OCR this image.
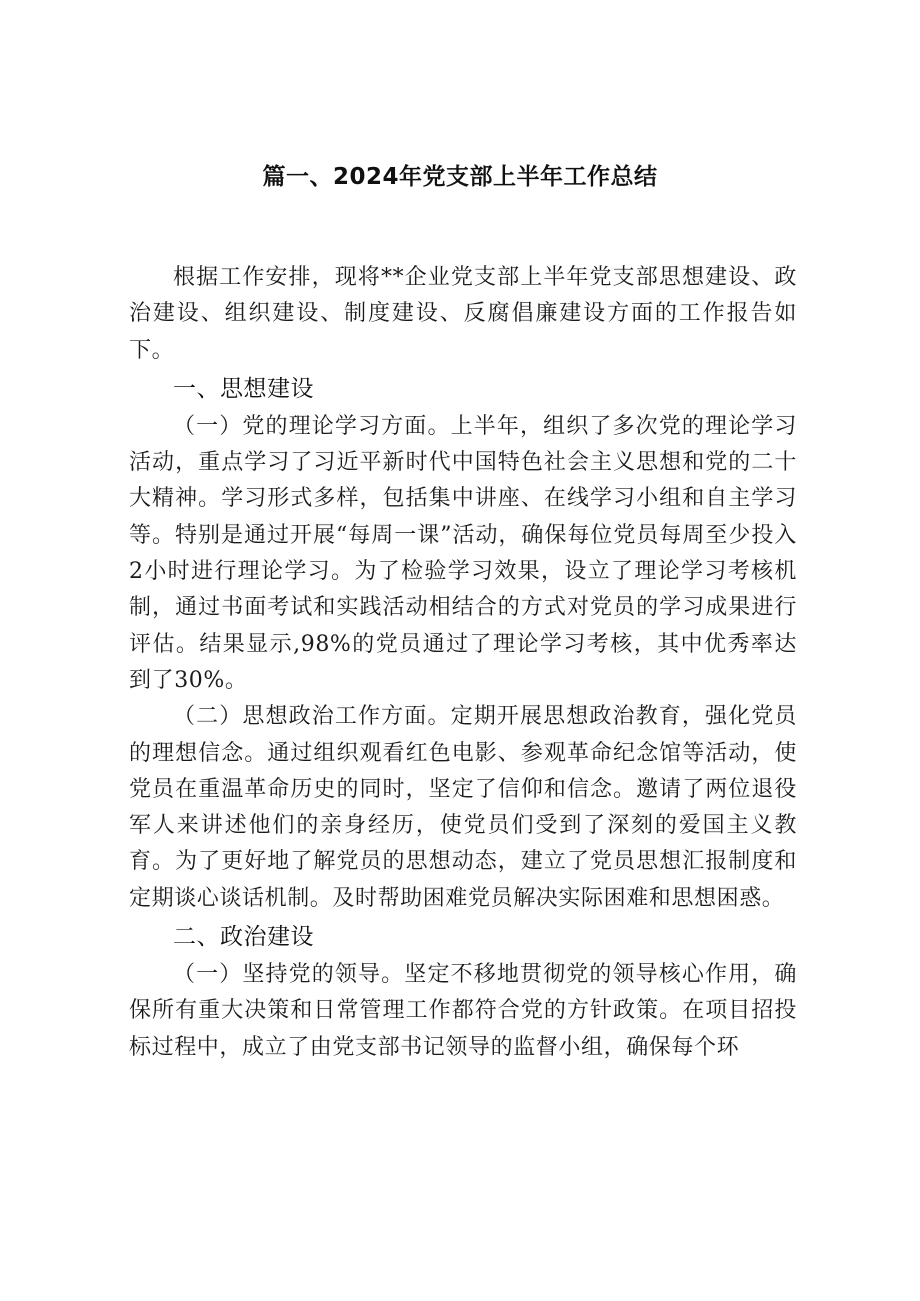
篇一、2024年党支部上半年工作总结

根据工作安排，现将**企业党支部上半年党支部思想建设、政治建设、组织建设、制度建设、反腐倡廉建设方面的工作报告如下。

一、思想建设

（一）党的理论学习方面。上半年，组织了多次党的理论学习活动，重点学习了习近平新时代中国特色社会主义思想和党的二十大精神。学习形式多样，包括集中讲座、在线学习小组和自主学习等。特别是通过开展“每周一课”活动，确保每位党员每周至少投入2小时进行理论学习。为了检验学习效果，设立了理论学习考核机制，通过书面考试和实践活动相结合的方式对党员的学习成果进行评估。结果显示,98%的党员通过了理论学习考核，其中优秀率达到了30%。

（二）思想政治工作方面。定期开展思想政治教育，强化党员的理想信念。通过组织观看红色电影、参观革命纪念馆等活动，使党员在重温革命历史的同时，坚定了信仰和信念。邀请了两位退役军人来讲述他们的亲身经历，使党员们受到了深刻的爱国主义教育。为了更好地了解党员的思想动态，建立了党员思想汇报制度和定期谈心谈话机制。及时帮助困难党员解决实际困难和思想困惑。

二、政治建设

（一）坚持党的领导。坚定不移地贯彻党的领导核心作用，确保所有重大决策和日常管理工作都符合党的方针政策。在项目招投标过程中，成立了由党支部书记领导的监督小组，确保每个环
